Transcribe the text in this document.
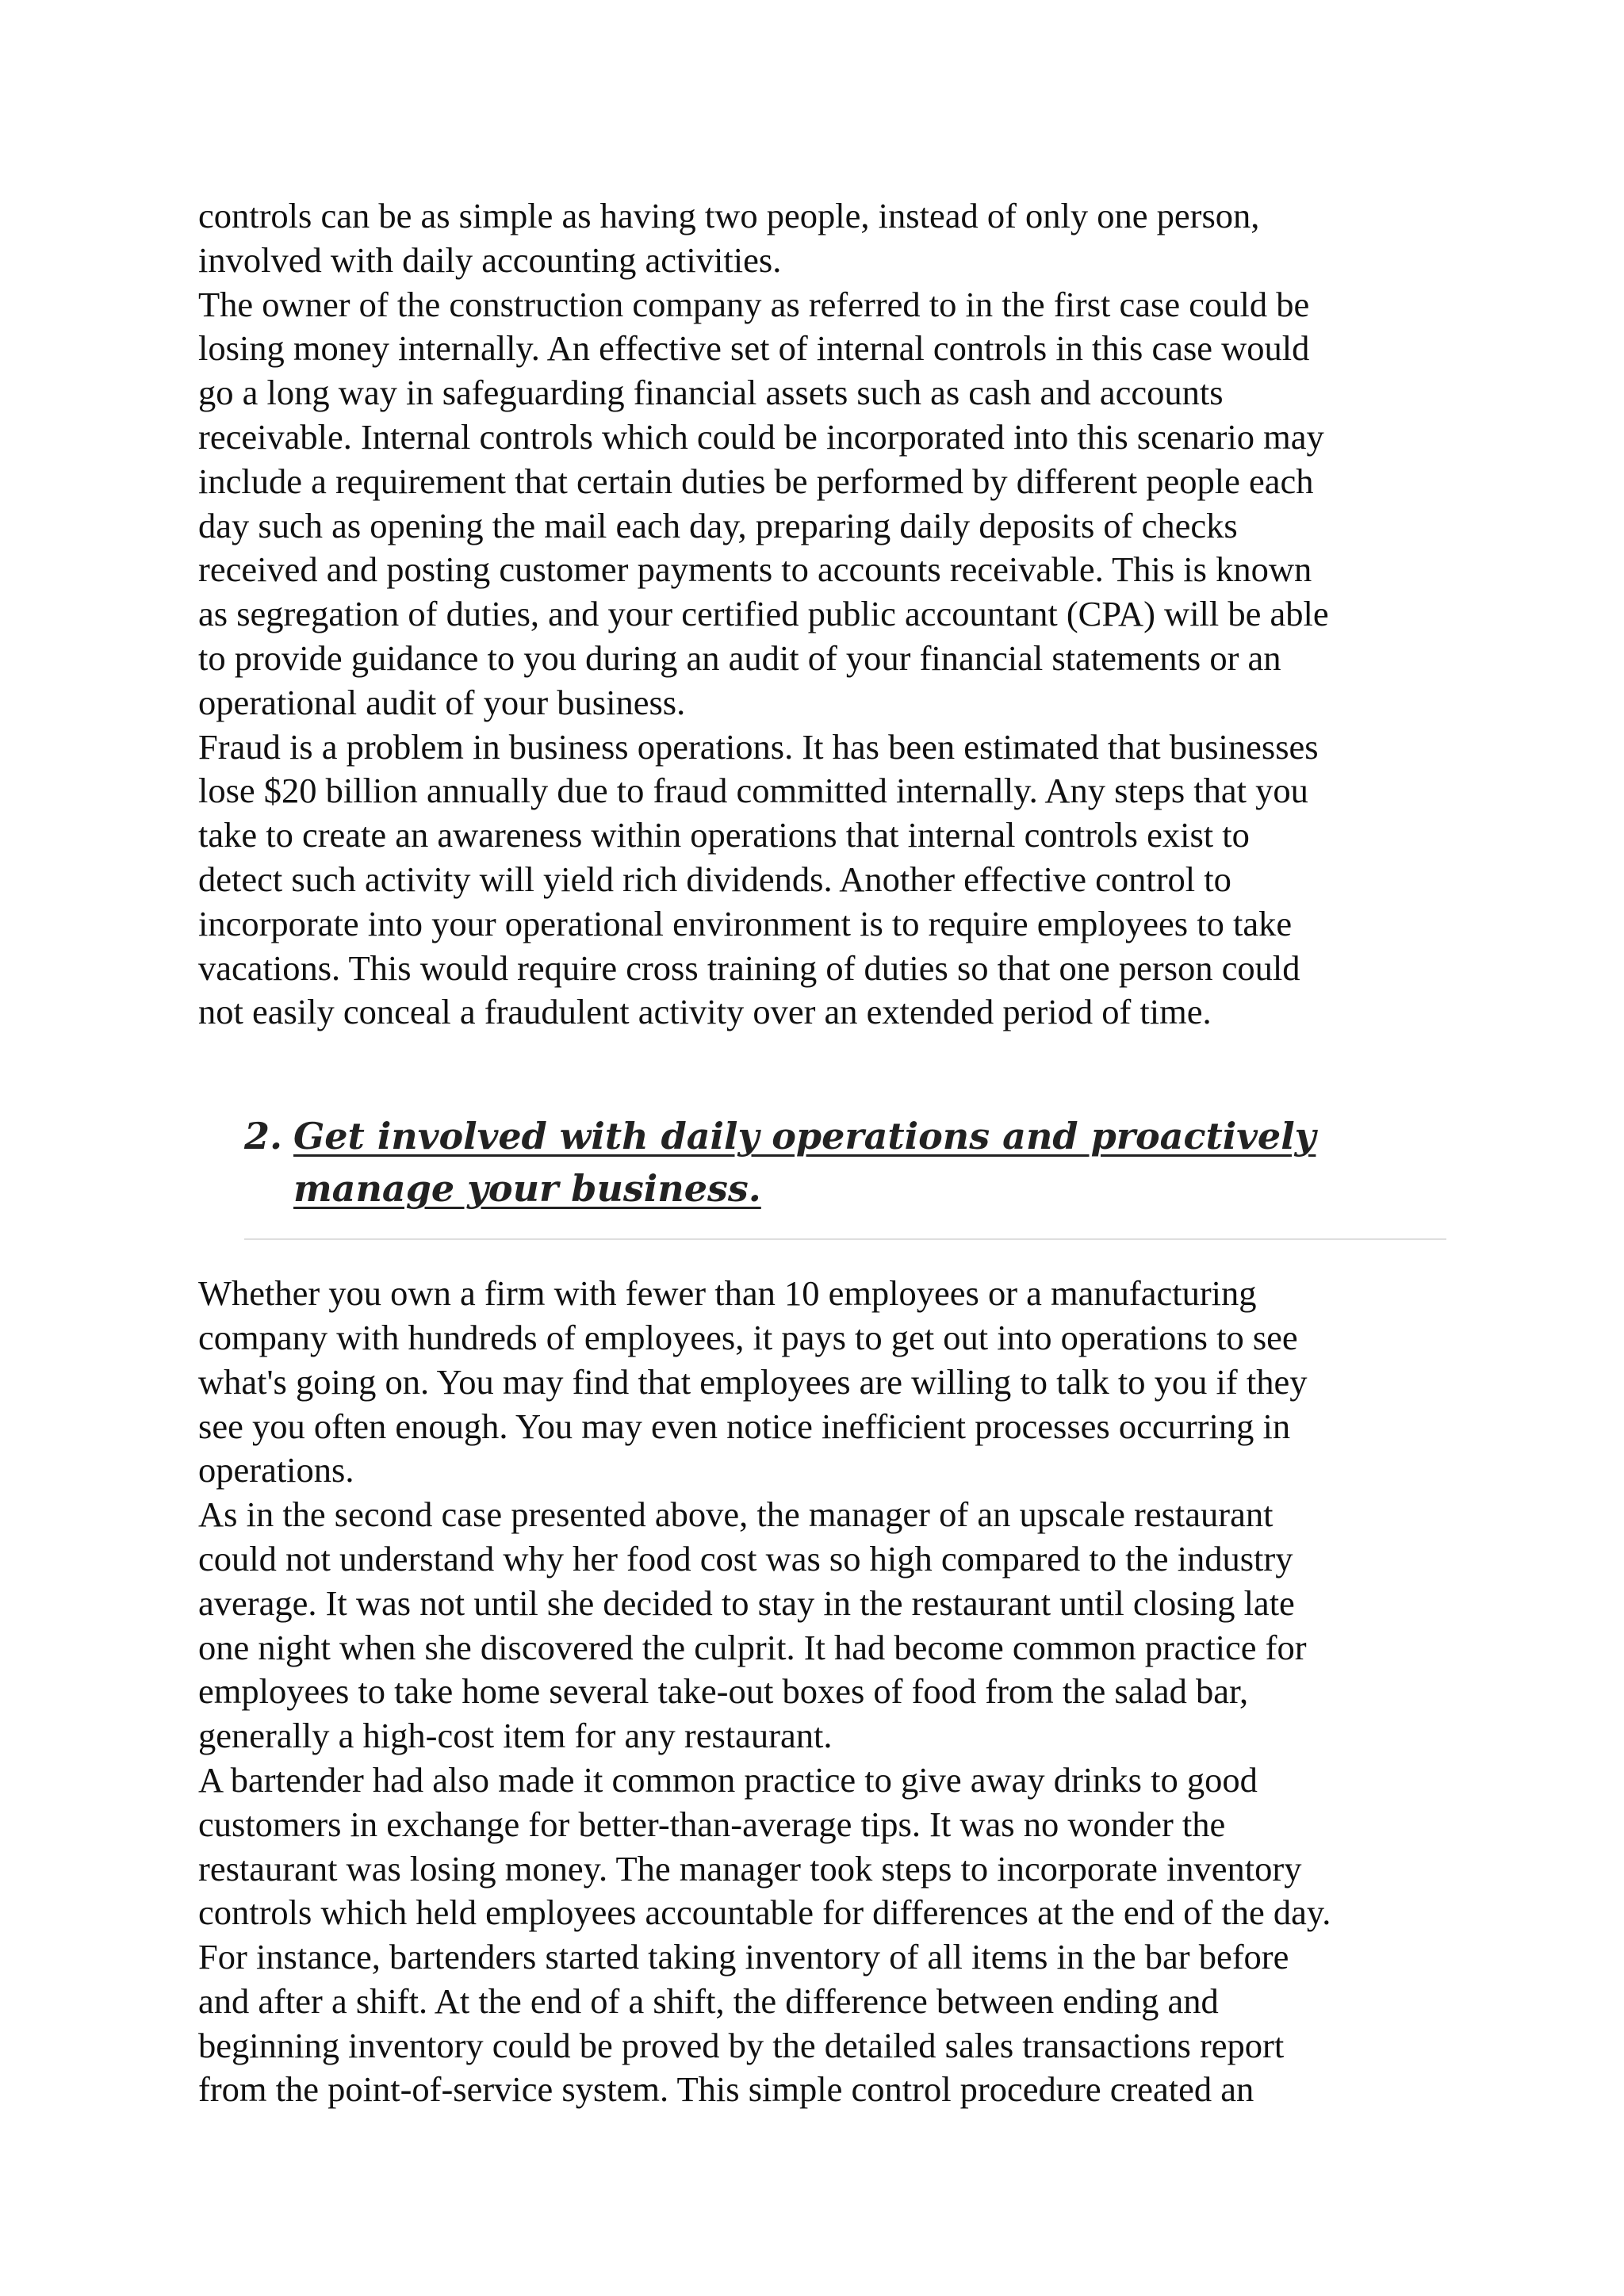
controls can be as simple as having two people, instead of only one person,
involved with daily accounting activities.

The owner of the construction company as referred to in the first case could be
losing money internally. An effective set of internal controls in this case would
go a long way in safeguarding financial assets such as cash and accounts
receivable. Internal controls which could be incorporated into this scenario may
include a requirement that certain duties be performed by different people each
day such as opening the mail each day, preparing daily deposits of checks
received and posting customer payments to accounts receivable. This is known
as segregation of duties, and your certified public accountant (CPA) will be able
to provide guidance to you during an audit of your financial statements or an
operational audit of your business.

Fraud is a problem in business operations. It has been estimated that businesses
lose $20 billion annually due to fraud committed internally. Any steps that you
take to create an awareness within operations that internal controls exist to
detect such activity will yield rich dividends. Another effective control to
incorporate into your operational environment is to require employees to take
vacations. This would require cross training of duties so that one person could
not easily conceal a fraudulent activity over an extended period of time.

2. Get involved with daily operations and proactively
manage your business.

Whether you own a firm with fewer than 10 employees or a manufacturing
company with hundreds of employees, it pays to get out into operations to see
what's going on. You may find that employees are willing to talk to you if they
see you often enough. You may even notice inefficient processes occurring in
operations.

As in the second case presented above, the manager of an upscale restaurant
could not understand why her food cost was so high compared to the industry
average. It was not until she decided to stay in the restaurant until closing late
one night when she discovered the culprit. It had become common practice for
employees to take home several take-out boxes of food from the salad bar,
generally a high-cost item for any restaurant.

A bartender had also made it common practice to give away drinks to good
customers in exchange for better-than-average tips. It was no wonder the
restaurant was losing money. The manager took steps to incorporate inventory
controls which held employees accountable for differences at the end of the day.
For instance, bartenders started taking inventory of all items in the bar before
and after a shift. At the end of a shift, the difference between ending and
beginning inventory could be proved by the detailed sales transactions report
from the point-of-service system. This simple control procedure created an
